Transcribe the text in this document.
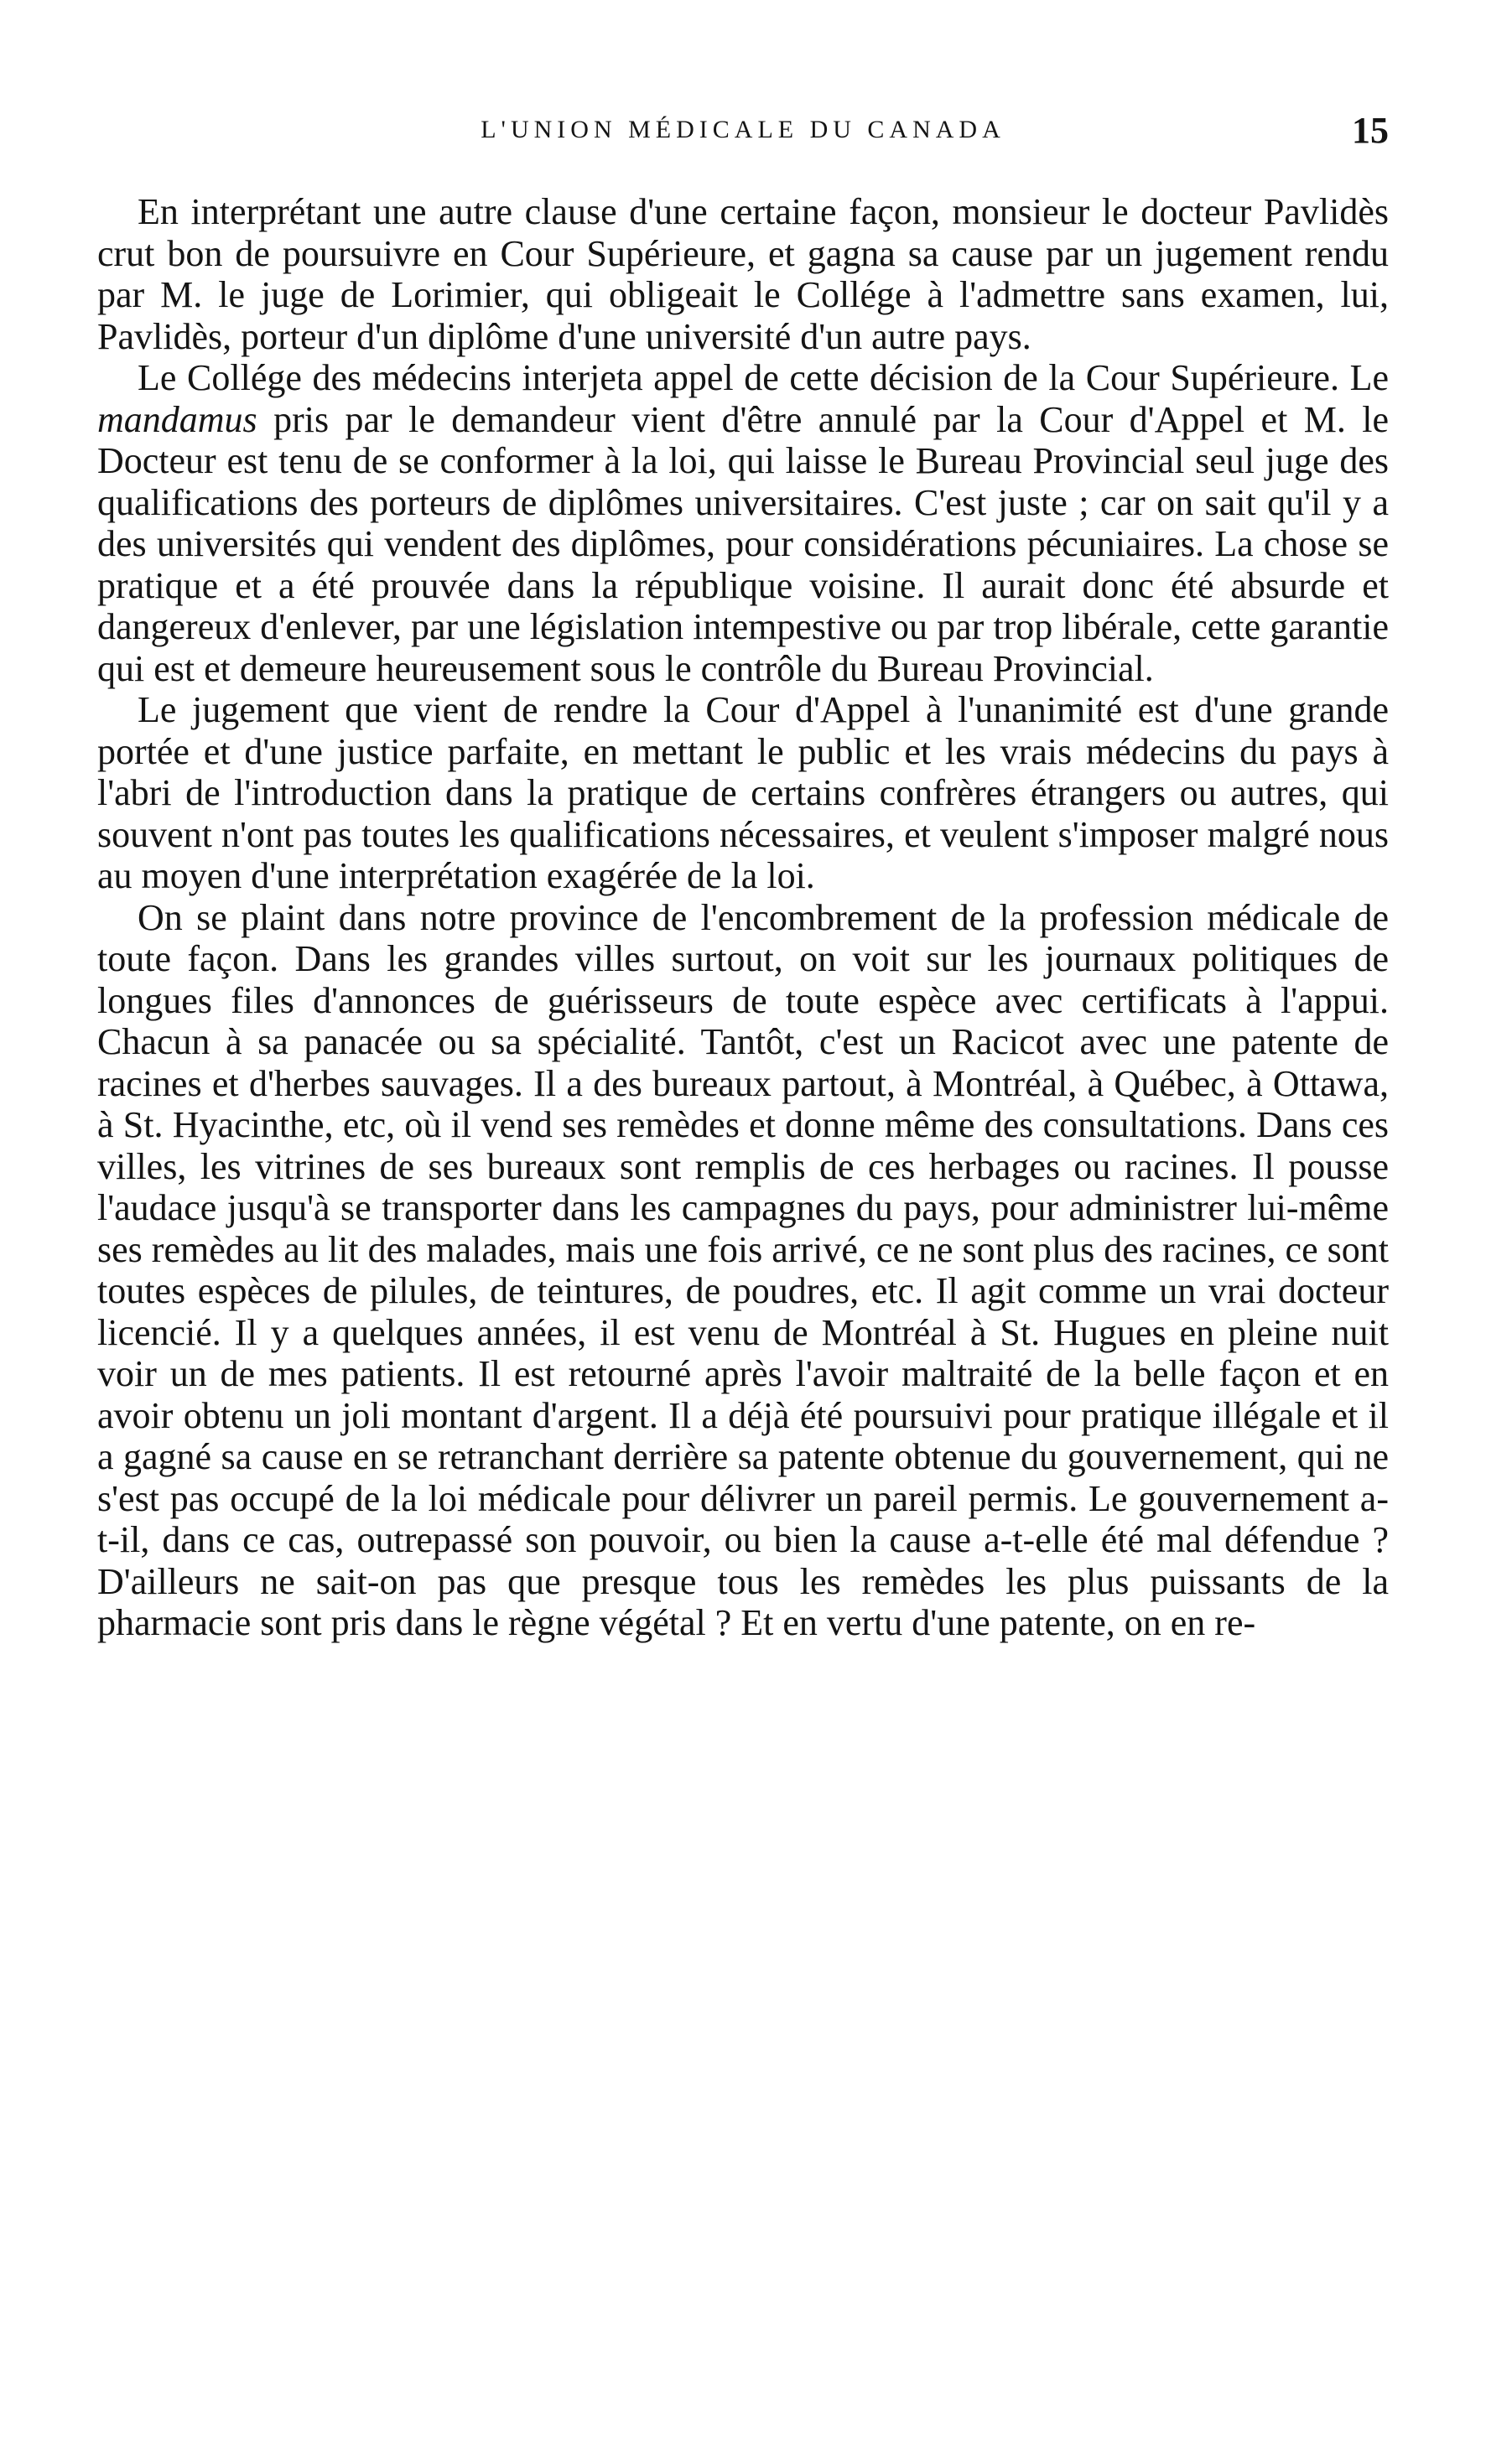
L'UNION MÉDICALE DU CANADA	15

En interprétant une autre clause d'une certaine façon, monsieur le docteur Pavlidès crut bon de poursuivre en Cour Supérieure, et gagna sa cause par un jugement rendu par M. le juge de Lorimier, qui obligeait le Collége à l'admettre sans examen, lui, Pavlidès, porteur d'un diplôme d'une université d'un autre pays.

Le Collége des médecins interjeta appel de cette décision de la Cour Supérieure. Le mandamus pris par le demandeur vient d'être annulé par la Cour d'Appel et M. le Docteur est tenu de se conformer à la loi, qui laisse le Bureau Provincial seul juge des qualifications des porteurs de diplômes universitaires. C'est juste ; car on sait qu'il y a des universités qui vendent des diplômes, pour considérations pécuniaires. La chose se pratique et a été prouvée dans la république voisine. Il aurait donc été absurde et dangereux d'enlever, par une législation intempestive ou par trop libérale, cette garantie qui est et demeure heureusement sous le contrôle du Bureau Provincial.

Le jugement que vient de rendre la Cour d'Appel à l'unanimité est d'une grande portée et d'une justice parfaite, en mettant le public et les vrais médecins du pays à l'abri de l'introduction dans la pratique de certains confrères étrangers ou autres, qui souvent n'ont pas toutes les qualifications nécessaires, et veulent s'imposer malgré nous au moyen d'une interprétation exagérée de la loi.

On se plaint dans notre province de l'encombrement de la profession médicale de toute façon. Dans les grandes villes surtout, on voit sur les journaux politiques de longues files d'annonces de guérisseurs de toute espèce avec certificats à l'appui. Chacun à sa panacée ou sa spécialité. Tantôt, c'est un Racicot avec une patente de racines et d'herbes sauvages. Il a des bureaux partout, à Montréal, à Québec, à Ottawa, à St. Hyacinthe, etc, où il vend ses remèdes et donne même des consultations. Dans ces villes, les vitrines de ses bureaux sont remplis de ces herbages ou racines. Il pousse l'audace jusqu'à se transporter dans les campagnes du pays, pour administrer lui-même ses remèdes au lit des malades, mais une fois arrivé, ce ne sont plus des racines, ce sont toutes espèces de pilules, de teintures, de poudres, etc. Il agit comme un vrai docteur licencié. Il y a quelques années, il est venu de Montréal à St. Hugues en pleine nuit voir un de mes patients. Il est retourné après l'avoir maltraité de la belle façon et en avoir obtenu un joli montant d'argent. Il a déjà été poursuivi pour pratique illégale et il a gagné sa cause en se retranchant derrière sa patente obtenue du gouvernement, qui ne s'est pas occupé de la loi médicale pour délivrer un pareil permis. Le gouvernement a-t-il, dans ce cas, outrepassé son pouvoir, ou bien la cause a-t-elle été mal défendue ? D'ailleurs ne sait-on pas que presque tous les remèdes les plus puissants de la pharmacie sont pris dans le règne végétal ? Et en vertu d'une patente, on en re-
